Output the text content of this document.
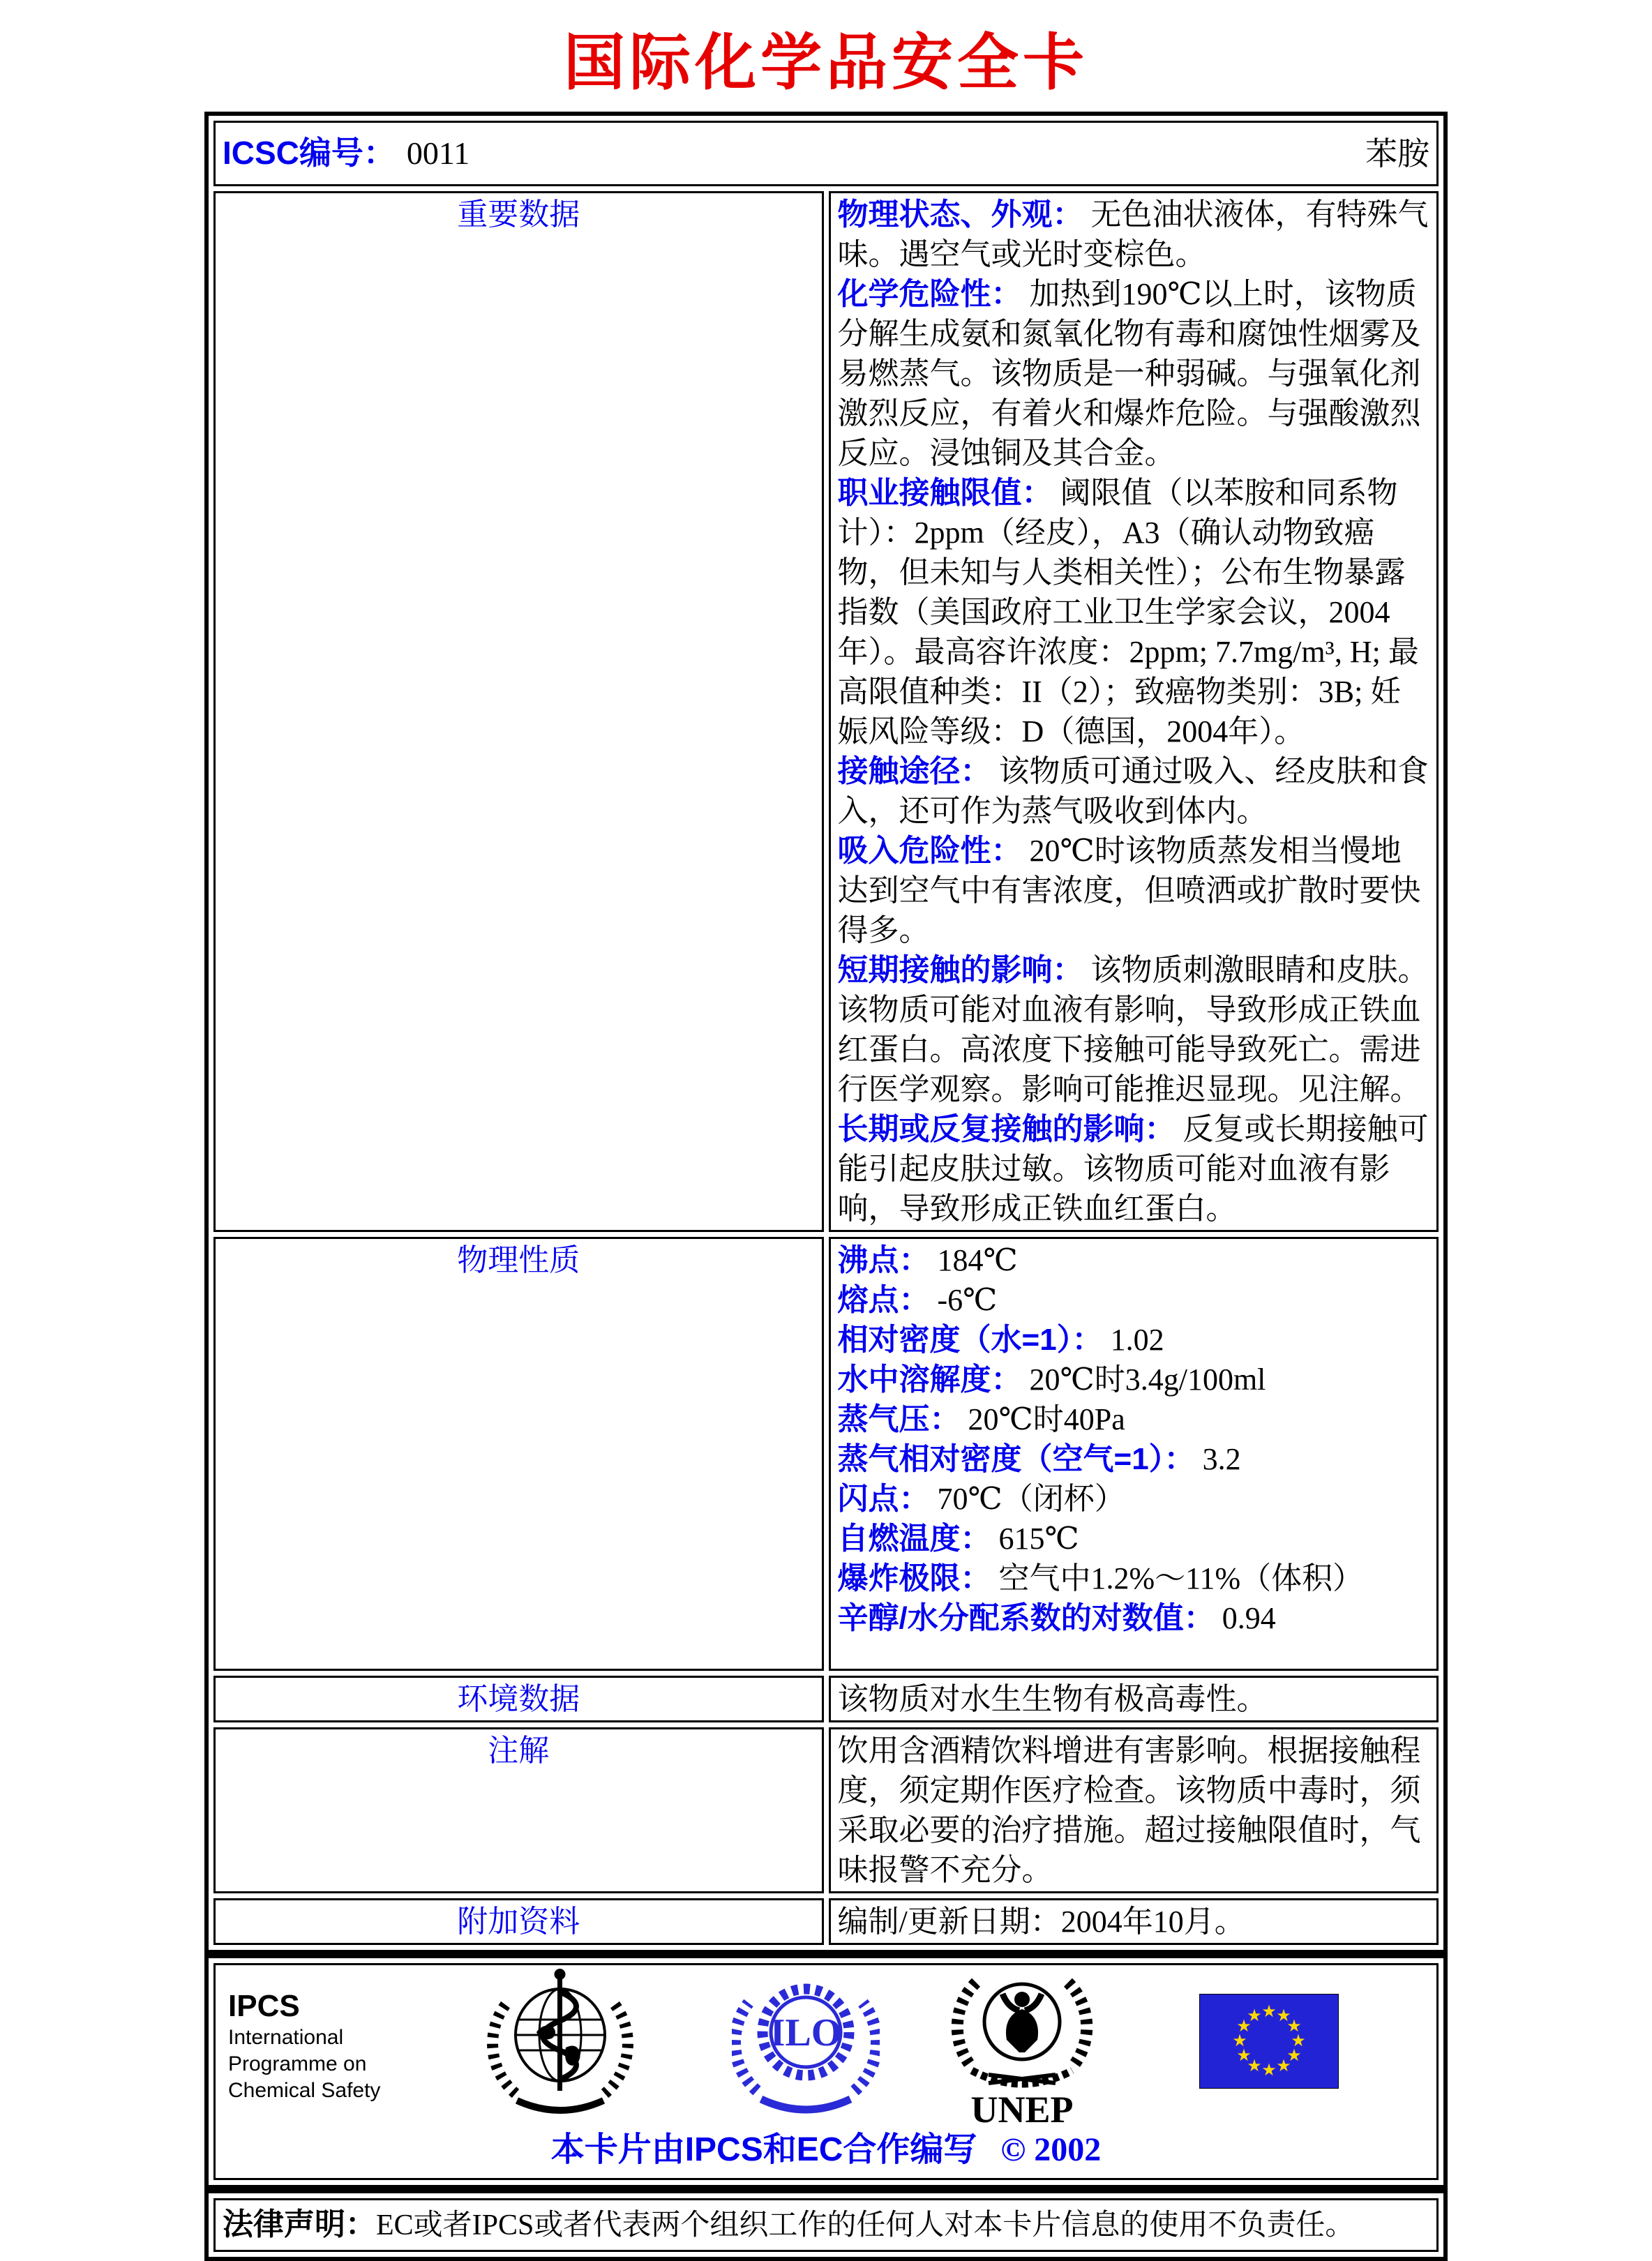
国际化学品安全卡
ICSC编号： 0011 苯胺	

重要数据	物理状态、外观： 无色油状液体，有特殊气味。遇空气或光时变棕色。

化学危险性： 加热到190℃以上时，该物质分解生成氨和氮氧化物有毒和腐蚀性烟雾及易燃蒸气。该物质是一种弱碱。与强氧化剂激烈反应，有着火和爆炸危险。与强酸激烈反应。浸蚀铜及其合金。

职业接触限值： 阈限值（以苯胺和同系物计）：2ppm（经皮），A3（确认动物致癌物，但未知与人类相关性）；公布生物暴露指数（美国政府工业卫生学家会议，2004年）。最高容许浓度：2ppm; 7.7mg/m³, H; 最高限值种类：II（2）；致癌物类别：3B; 妊娠风险等级：D（德国，2004年）。

接触途径： 该物质可通过吸入、经皮肤和食入，还可作为蒸气吸收到体内。

吸入危险性： 20℃时该物质蒸发相当慢地达到空气中有害浓度，但喷洒或扩散时要快得多。

短期接触的影响： 该物质刺激眼睛和皮肤。该物质可能对血液有影响，导致形成正铁血红蛋白。高浓度下接触可能导致死亡。需进行医学观察。影响可能推迟显现。见注解。

长期或反复接触的影响： 反复或长期接触可能引起皮肤过敏。该物质可能对血液有影响，导致形成正铁血红蛋白。

物理性质	沸点： 184℃

熔点： -6℃

相对密度（水=1）： 1.02

水中溶解度： 20℃时3.4g/100ml

蒸气压： 20℃时40Pa

蒸气相对密度（空气=1）： 3.2

闪点： 70℃（闭杯）

自燃温度： 615℃

爆炸极限： 空气中1.2%～11%（体积）

辛醇/水分配系数的对数值： 0.94

环境数据	该物质对水生生物有极高毒性。
注解	饮用含酒精饮料增进有害影响。根据接触程度，须定期作医疗检查。该物质中毒时，须采取必要的治疗措施。超过接触限值时，气味报警不充分。
附加资料	编制/更新日期：2004年10月。
IPCS
International
Programme on
Chemical Safety
ILO
UNEP
★ ★
★
★
★
★
★
★
★
★
★
★
本卡片由IPCS和EC合作编写 © 2002
法律声明：EC或者IPCS或者代表两个组织工作的任何人对本卡片信息的使用不负责任。
